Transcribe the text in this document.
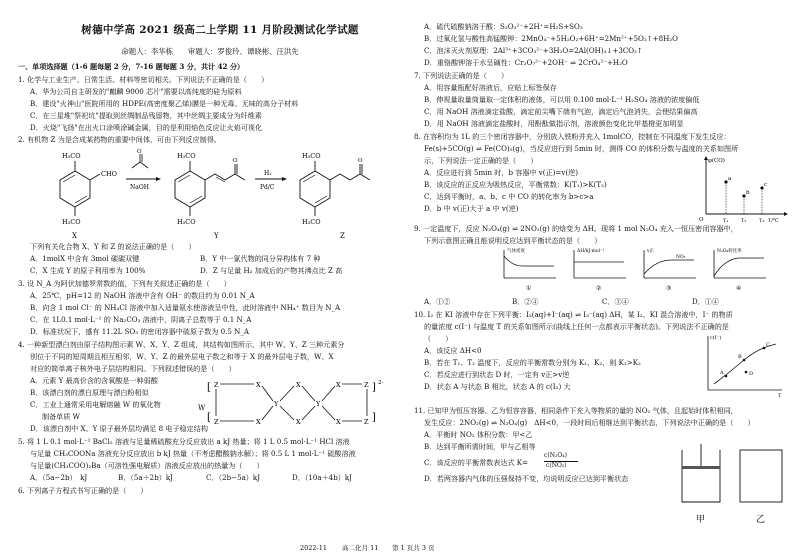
树德中学高 2021 级高二上学期 11 月阶段测试化学试题
命题人：李华栋　　审题人：罗俊玲、谭晓彬、汪洪先
一、单项选择题（1-6 题每题 2 分，7-16 题每题 3 分，共计 42 分）
1. 化学与工业生产、日常生活、材料等密切相关。下列说法不正确的是（　　）
A．华为公司自主研发的"麒麟 9000 芯片"需要以高纯度的硅为原料
B．建设"火神山"医院所用的 HDPE(高密度聚乙烯)膜是一种无毒、无味的高分子材料
C．在三星堆"祭祀坑"提取到丝绸制品残留物，其中丝绸主要成分为纤维素
D．火烧"飞扬"在出火口涂喷涂碱金属，目的是利用焰色反应让火焰可视化
2. 有机物 Z 为是合成某药物的重要中间体，可由下列反应制得。
H₃CO
CHO
H₃CO
X
O
NaOH
O
H₃CO
H₃CO
Y
H₂
Pd/C
O
H₃CO
H₃CO
Z
下列有关化合物 X、Y 和 Z 的说法正确的是（　　）
A．1molX 中含有 3mol 碳碳双键	B．Y 中一氯代物的同分异构体有 7 种
C．X 生成 Y 的原子利用率为 100%	D．Z 与足量 H₂ 加成后的产物其沸点比 Z 高
3. 设 N_A 为阿伏加德罗常数的值，下列有关叙述正确的是（　　）
A．25℃，pH=12 的 NaOH 溶液中含有 OH⁻ 的数目约为 0.01 N_A
B．向含 1 mol Cl⁻ 的 NH₄Cl 溶液中加入适量氨水使溶液呈中性，此时溶液中 NH₄⁺ 数目为 N_A
C．在 1L0.1 mol·L⁻¹ 的 Na₂CO₃ 溶液中，阴离子总数等于 0.1 N_A
D．标准状况下，盛有 11.2L SO₃ 的密闭容器中硫原子数为 0.5 N_A
4. 一种新型漂白剂由原子结构图示素 W、X、Y、Z 组成，其结构如图所示，其中 W、Y、Z 三种元素分
别位于不同的短周期且相互相邻，W、Y、Z 的最外层电子数之和等于 X 的最外层电子数，W、X
对应的简单离子核外电子层结构相同。下列叙述错误的是（　　）
A．元素 Y 最高价含的含氧酸是一种弱酸
B．该漂白剂的漂白原理与漂白粉相似
C．工业上通常采用电解熔融 W 的氧化物
制备单质 W
W
[
[
Z
Z
X
X
Y
X
X
Y
X
X
Z
Z
]
]
2-
D．该漂白剂中 X、Y 原子最外层均满足 8 电子稳定结构
5. 将 1 L 0.1 mol·L⁻¹ BaCl₂ 溶液与足量稀硫酸充分反应放出 a kJ 热量；将 1 L 0.5 mol·L⁻¹ HCl 溶液
与足量 CH₃COONa 溶液充分反应放出 b kJ 热量（不考虑醋酸钠水解）；将 0.5 L 1 mol·L⁻¹ 硫酸溶液
与足量(CH₃COO)₂Ba（可溶性强电解质）溶液反应放出的热量为（　　）
A．（5a−2b）　kJ	B．（5a＋2b）kJ	C．（2b−5a）kJ	D．（10a＋4b）kJ
6. 下列离子方程式书写正确的是（　　）
A．硫代硫酸钠溶于酸：S₂O₃²⁻+2H⁺=H₂S+SO₃
B．过氧化氢与酸性高锰酸钾：2MnO₄⁻+5H₂O₂+6H⁺=2Mn²⁺+5O₂↑+8H₂O
C．泡沫灭火剂原理：2Al³⁺+3CO₃²⁻+3H₂O=2Al(OH)₃↓+3CO₂↑
D．重铬酸钾溶于水呈碱性：Cr₂O₇²⁻+2OH⁻ ⇌ 2CrO₄²⁻+H₂O
7. 下列说法正确的是（　　）
A．用容量瓶配好溶液后，应贴上标签保存
B．伸视量取量筒量取一定体积的液体，可以用 0.100 mol·L⁻¹ H₂SO₄ 溶液的浓度偏低
C．用 NaOH 溶液滴定盐酸，滴定前尖嘴下端有气泡，滴定后气泡消失，会使结果偏高
D．用 NaOH 溶液滴定盐酸时，用酚酞做指示剂，溶液颜色变化比甲基橙更加明显
8. 在容积均为 1L 的三个密闭容器中，分别放入铁粉并充入 1molCO，控制在不同温度下发生反应：
Fe(s)+5CO(g) ⇌ Fe(CO)₅(g)，当反应进行到 5min 时，测得 CO 的体积分数与温度的关系如图所
示，下列说法一定正确的是（　　）
A．反应进行到 5min 时，b 容器中 v(正)=v(逆)
B．该反应的正反应为吸热反应，平衡常数：K(T₁)>K(T₂)
C．达到平衡时，a、b、c 中 CO 的转化率为 b>c>a
D．b 中 v(正)大于 a 中 v(逆)
φ(CO)
O	T/℃
a
b
c
T₁	T₂	T₃
9. 一定温度下，反应 N₂O₄(g) ⇌ 2NO₂(g) 的焓变为 ΔH。现将 1 mol N₂O₄ 充入一恒压密闭容器中，
下列示意图正确且能说明反应达到平衡状态的是（　　）
气体密度
①
ΔH/kJ·mol⁻¹
②
v正
NO₂
③
N₂O₄转化率
④
A．①②	B．②④	C．③④	D．①④
10. I₂ 在 KI 溶液中存在下列平衡：I₂(aq)+I⁻(aq) ⇌ I₃⁻(aq) ΔH，某 I₂、KI 混合溶液中，I⁻ 的物质
的量浓度 c(I⁻) 与温度 T 的关系如图所示(曲线上任何一点都表示平衡状态)。下列说法不正确的是
（　　）
A．该反应 ΔH<0
B．若在 T₁、T₂ 温度下，反应的平衡常数分别为 K₁、K₂，则 K₁>K₂
C．若反应进行到状态 D 时，一定有 v正>v逆
D．状态 A 与状态 B 相比，状态 A 的 c(I₂) 大
c(I⁻)
T
A
B
C
D
11. 已知甲为恒压容器、乙为恒容容器，相同条件下充入等物质的量的 NO₂ 气体，且起始时体积相同，
发生反应：2NO₂(g) ⇌ N₂O₄(g)　ΔH<0，一段时间后相继达到平衡状态，下列说法中正确的是（　　）
A．平衡时 NO₂ 体积分数：甲<乙
B．达到平衡所需时间，甲与乙相等
C．该反应的平衡常数表达式 K=
c(N₂O₄)
c(NO₂)
D．若两容器内气体的压强保持不变，均说明反应已达到平衡状态
甲	乙
2022-11 高二化月 11 第 1 页共 3 页
